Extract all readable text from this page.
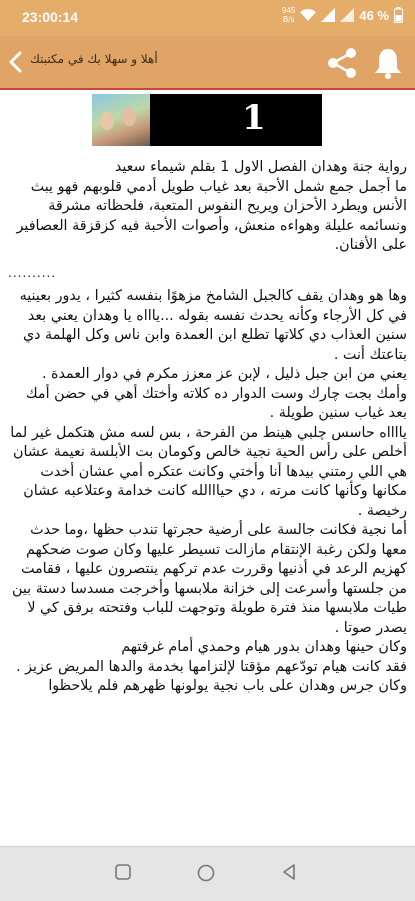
23:00:14	945
B/s	46 %
أهلا و سهلا بك في مكتبتك
1

رواية جنة وهدان الفصل الاول 1 بقلم شيماء سعيد

ما أجمل جمع شمل الأحبة بعد غياب طويل أدمي قلوبهم فهو يبث الأنس ويطرد الأحزان ويريح النفوس المتعبة، فلحظاته مشرقة ونسائمه عليلة وهواءه منعش، وأصوات الأحبة فيه كزقزقة العصافير على الأفنان.

..........

وها هو وهدان يقف كالجبل الشامخ مزهوًا بنفسه كثيرا ، يدور بعينيه في كل الأرجاء وكأنه يحدث نفسه بقوله ...ياااه يا وهدان يعني بعد سنين العذاب دي كلاتها تطلع ابن العمدة وابن ناس وكل الهلمة دي بتاعتك أنت .

يعني من ابن جبل ذليل ، لإبن عز معزز مكرم في دوار العمدة .

وأمك بجت چارك وست الدوار ده كلاته وأختك أهي في حضن أمك بعد غياب سنين طويلة .

يااااه حاسس چلبي هينط من الفرحة ، بس لسه مش هتكمل غير لما أخلص على رأس الحية نجية خالص وكومان بت الأبلسة نعيمة عشان هي اللي رمتني بيدها أنا وأختي وكانت عتكره أمي عشان أخدت مكانها وكأنها كانت مرته ، دي حيااالله كانت خدامة وعتلاعبه عشان رخيصة .

أما نجية فكانت جالسة على أرضية حجرتها تندب حظها ،وما حدث معها ولكن رغبة الإنتقام مازالت تسيطر عليها وكان صوت ضحكهم كهزيم الرعد في أذنيها وقررت عدم تركهم ينتصرون عليها ، فقامت من جلستها وأسرعت إلى خزانة ملابسها وأخرجت مسدسا دستة بين طيات ملابسها منذ فترة طويلة وتوجهت للباب وفتحته برفق كي لا يصدر صوتا .

وكان حينها وهدان بدور هيام وحمدي أمام غرفتهم

فقد كانت هيام تودّعهم مؤقتا لإلتزامها بخدمة والدها المريض عزيز .

وكان جرس وهدان على باب نجية يولونها ظهرهم فلم يلاحظوا
